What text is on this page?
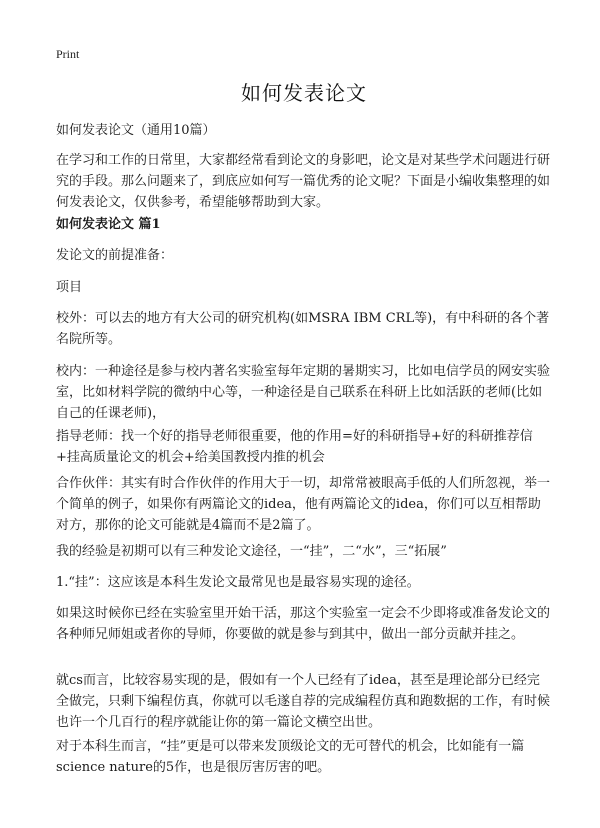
Print
如何发表论文
如何发表论文（通用10篇）
在学习和工作的日常里，大家都经常看到论文的身影吧，论文是对某些学术问题进行研究的手段。那么问题来了，到底应如何写一篇优秀的论文呢？下面是小编收集整理的如何发表论文，仅供参考，希望能够帮助到大家。
如何发表论文 篇1
发论文的前提准备：
项目
校外：可以去的地方有大公司的研究机构(如MSRA IBM CRL等)，有中科研的各个著名院所等。
校内：一种途径是参与校内著名实验室每年定期的暑期实习，比如电信学员的网安实验室，比如材料学院的微纳中心等，一种途径是自己联系在科研上比如活跃的老师(比如自己的任课老师)，
指导老师：找一个好的指导老师很重要，他的作用=好的科研指导+好的科研推荐信+挂高质量论文的机会+给美国教授内推的机会
合作伙伴：其实有时合作伙伴的作用大于一切，却常常被眼高手低的人们所忽视，举一个简单的例子，如果你有两篇论文的idea，他有两篇论文的idea，你们可以互相帮助对方，那你的论文可能就是4篇而不是2篇了。
我的经验是初期可以有三种发论文途径，一“挂”，二“水”，三“拓展”
1.“挂”：这应该是本科生发论文最常见也是最容易实现的途径。
如果这时候你已经在实验室里开始干活，那这个实验室一定会不少即将或准备发论文的各种师兄师姐或者你的导师，你要做的就是参与到其中，做出一部分贡献并挂之。
就cs而言，比较容易实现的是，假如有一个人已经有了idea，甚至是理论部分已经完全做完，只剩下编程仿真，你就可以毛遂自荐的完成编程仿真和跑数据的工作，有时候也许一个几百行的程序就能让你的第一篇论文横空出世。
对于本科生而言，“挂”更是可以带来发顶级论文的无可替代的机会，比如能有一篇science nature的5作，也是很厉害厉害的吧。
